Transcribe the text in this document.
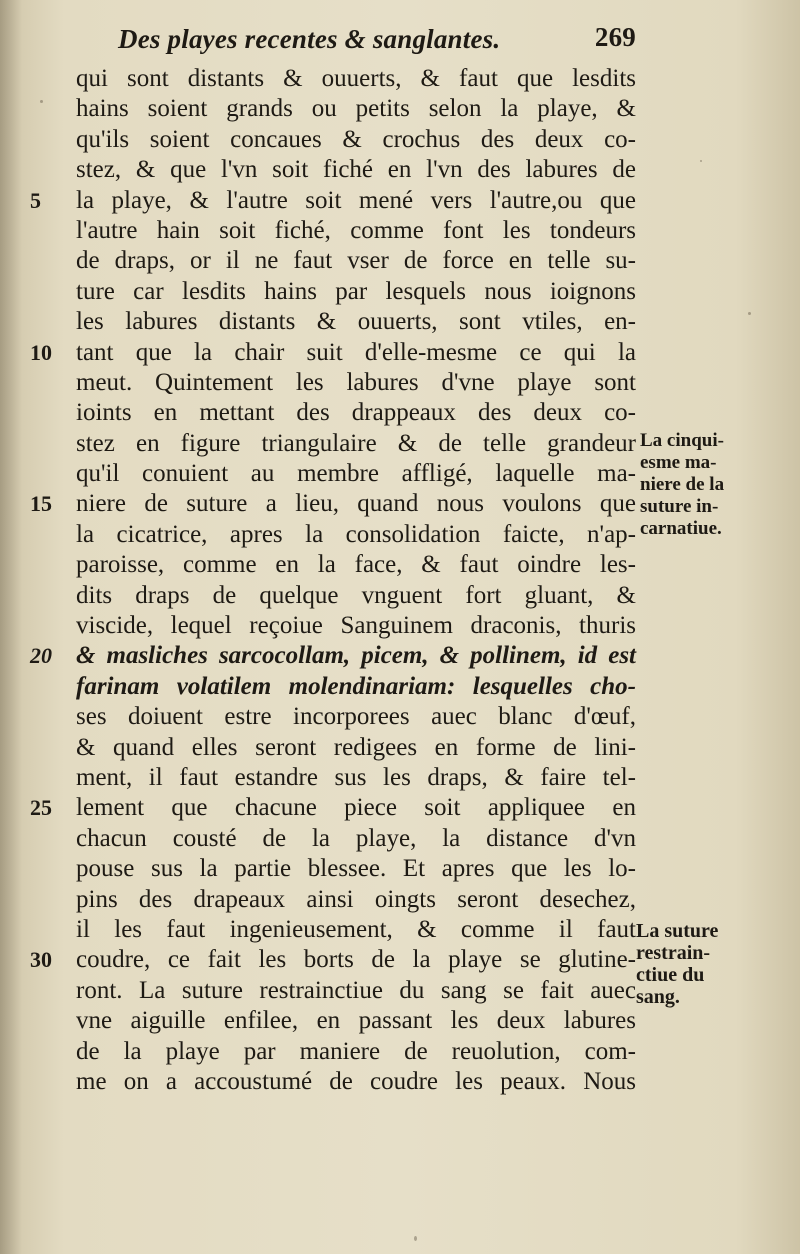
Des playes recentes & sanglantes.	269
qui sont distants & ouuerts, & faut que lesdits
hains soient grands ou petits selon la playe, &
qu'ils soient concaues & crochus des deux co-
stez, & que l'vn soit fiché en l'vn des labures de
5	la playe, & l'autre soit mené vers l'autre,ou que
l'autre hain soit fiché, comme font les tondeurs
de draps, or il ne faut vser de force en telle su-
ture car lesdits hains par lesquels nous ioignons
les labures distants & ouuerts, sont vtiles, en-
10 tant que la chair suit d'elle-mesme ce qui la
meut. Quintement les labures d'vne playe sont
ioints en mettant des drappeaux des deux co-
stez en figure triangulaire & de telle grandeur
qu'il conuient au membre affligé, laquelle ma-
15 niere de suture a lieu, quand nous voulons que
la cicatrice, apres la consolidation faicte, n'ap-
paroisse, comme en la face, & faut oindre les-
dits draps de quelque vnguent fort gluant, &
viscide, lequel reçoiue Sanguinem draconis, thuris
20 & masliches sarcocollam, picem, & pollinem, id est
farinam volatilem molendinariam: lesquelles cho-
ses doiuent estre incorporees auec blanc d'œuf,
& quand elles seront redigees en forme de lini-
ment, il faut estandre sus les draps, & faire tel-
25 lement que chacune piece soit appliquee en
chacun cousté de la playe, la distance d'vn
pouse sus la partie blessee. Et apres que les lo-
pins des drapeaux ainsi oingts seront desechez,
il les faut ingenieusement, & comme il faut
30 coudre, ce fait les borts de la playe se glutine-
ront. La suture restrainctiue du sang se fait auec
vne aiguille enfilee, en passant les deux labures
de la playe par maniere de reuolution, com-
me on a accoustumé de coudre les peaux. Nous
La cinqui-
esme ma-
niere de la
suture in-
carnatiue.
La suture
restrain-
ctiue du
sang.
